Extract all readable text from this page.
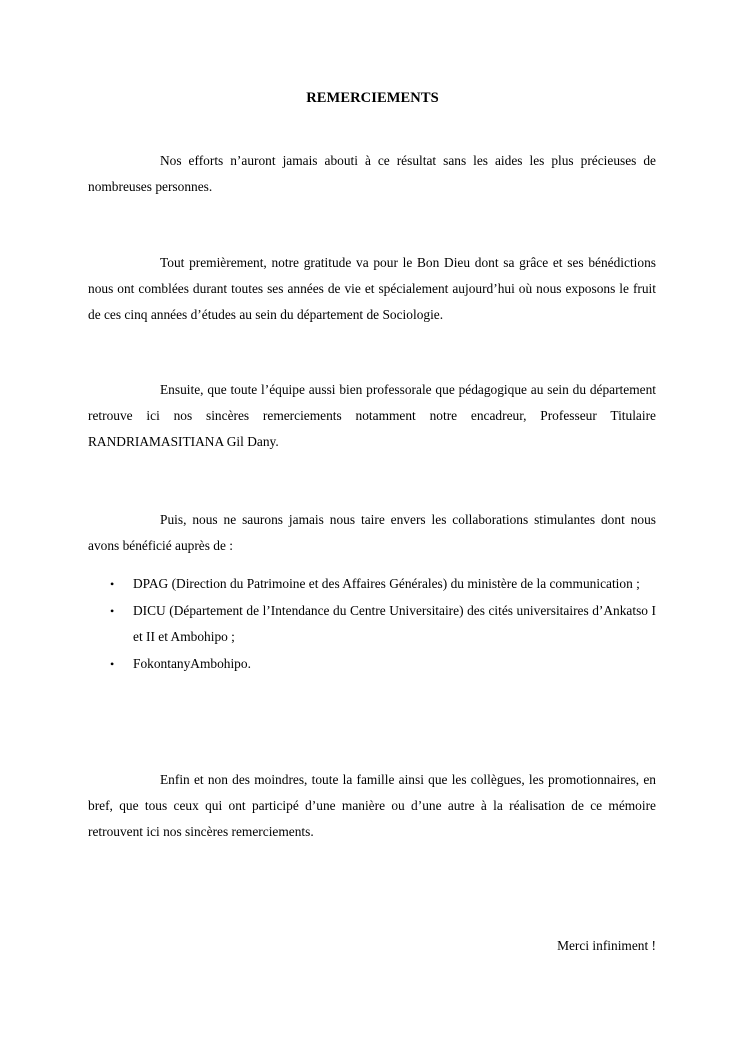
REMERCIEMENTS

Nos efforts n’auront jamais abouti à ce résultat sans les aides les plus précieuses de nombreuses personnes.

Tout premièrement, notre gratitude va pour le Bon Dieu dont sa grâce et ses bénédictions nous ont comblées durant toutes ses années de vie et spécialement aujourd’hui où nous exposons le fruit de ces cinq années d’études au sein du département de Sociologie.

Ensuite, que toute l’équipe aussi bien professorale que pédagogique au sein du département retrouve ici nos sincères remerciements notamment notre encadreur, Professeur Titulaire RANDRIAMASITIANA Gil Dany.

Puis, nous ne saurons jamais nous taire envers les collaborations stimulantes dont nous avons bénéficié auprès de :

• DPAG (Direction du Patrimoine et des Affaires Générales) du ministère de la communication ;
• DICU (Département de l’Intendance du Centre Universitaire) des cités universitaires d’Ankatso I et II et Ambohipo ;
• FokontanyAmbohipo.

Enfin et non des moindres, toute la famille ainsi que les collègues, les promotionnaires, en bref, que tous ceux qui ont participé d’une manière ou d’une autre à la réalisation de ce mémoire retrouvent ici nos sincères remerciements.

Merci infiniment !
